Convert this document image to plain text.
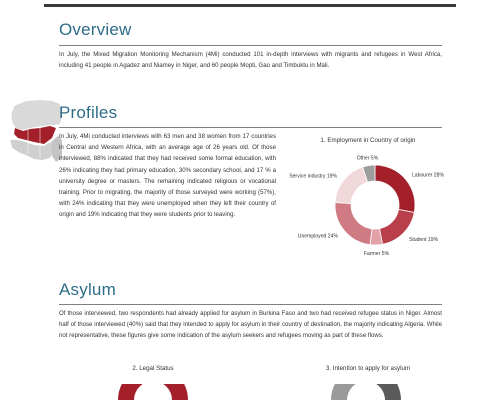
Overview
In July, the Mixed Migration Monitoring Mechanism (4Mi) conducted 101 in-depth interviews with migrants and refugees in West Africa, including 41 people in Agadez and Niamey in Niger, and 60 people Mopti, Gao and Timbuktu in Mali.
Profiles
In July, 4Mi conducted interviews with 63 men and 38 women from 17 countries in Central and Western Africa, with an average age of 26 years old. Of those interviewed, 88% indicated that they had received some formal education, with 26% indicating they had primary education, 30% secondary school, and 17 % a university degree or masters. The remaining indicated religious or vocational training. Prior to migrating, the majority of those surveyed were working (57%), with 24% indicating that they were unemployed when they left their country of origin and 19% indicating that they were students prior to leaving.
1. Employment in Country of origin
Labourer 28%
Student 19%
Farmer 5%
Unemployed 24%
Service industry 19%
Other 5%
Asylum
Of those interviewed, two respondents had already applied for asylum in Burkina Faso and two had received refugee status in Niger. Almost half of those interviewed (40%) said that they intended to apply for asylum in their country of destination, the majority indicating Algeria. While not representative, these figures give some indication of the asylum seekers and refugees moving as part of these flows.
2. Legal Status	3. Intention to apply for asylum
